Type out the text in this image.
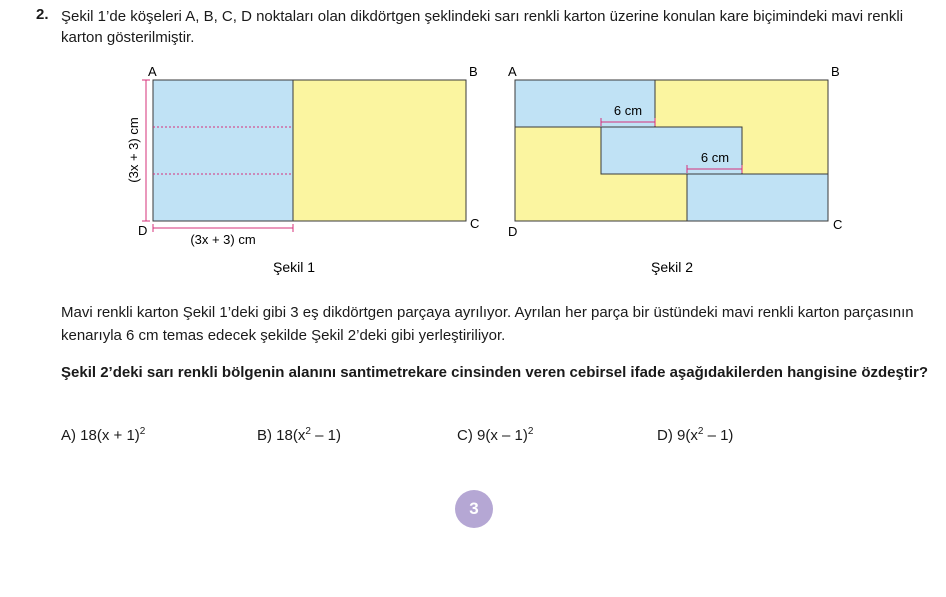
2. Şekil 1’de köşeleri A, B, C, D noktaları olan dikdörtgen şeklindeki sarı renkli karton üzerine konulan kare biçimindeki mavi renkli karton gösterilmiştir.
A	B
C
D
(3x + 3) cm
(3x + 3) cm
Şekil 1
6 cm
6 cm
A	B
C
D
Şekil 2
Mavi renkli karton Şekil 1’deki gibi 3 eş dikdörtgen parçaya ayrılıyor. Ayrılan her parça bir üstündeki mavi renkli karton parçasının kenarıyla 6 cm temas edecek şekilde Şekil 2’deki gibi yerleştiriliyor.
Şekil 2’deki sarı renkli bölgenin alanını santimetrekare cinsinden veren cebirsel ifade aşağıdakilerden hangisine özdeştir?
A) $18(x + 1)^2$	B) $18(x^2 - 1)$	C) 9(x – 1)$^2$	D) $9(x^2 - 1)$
3
